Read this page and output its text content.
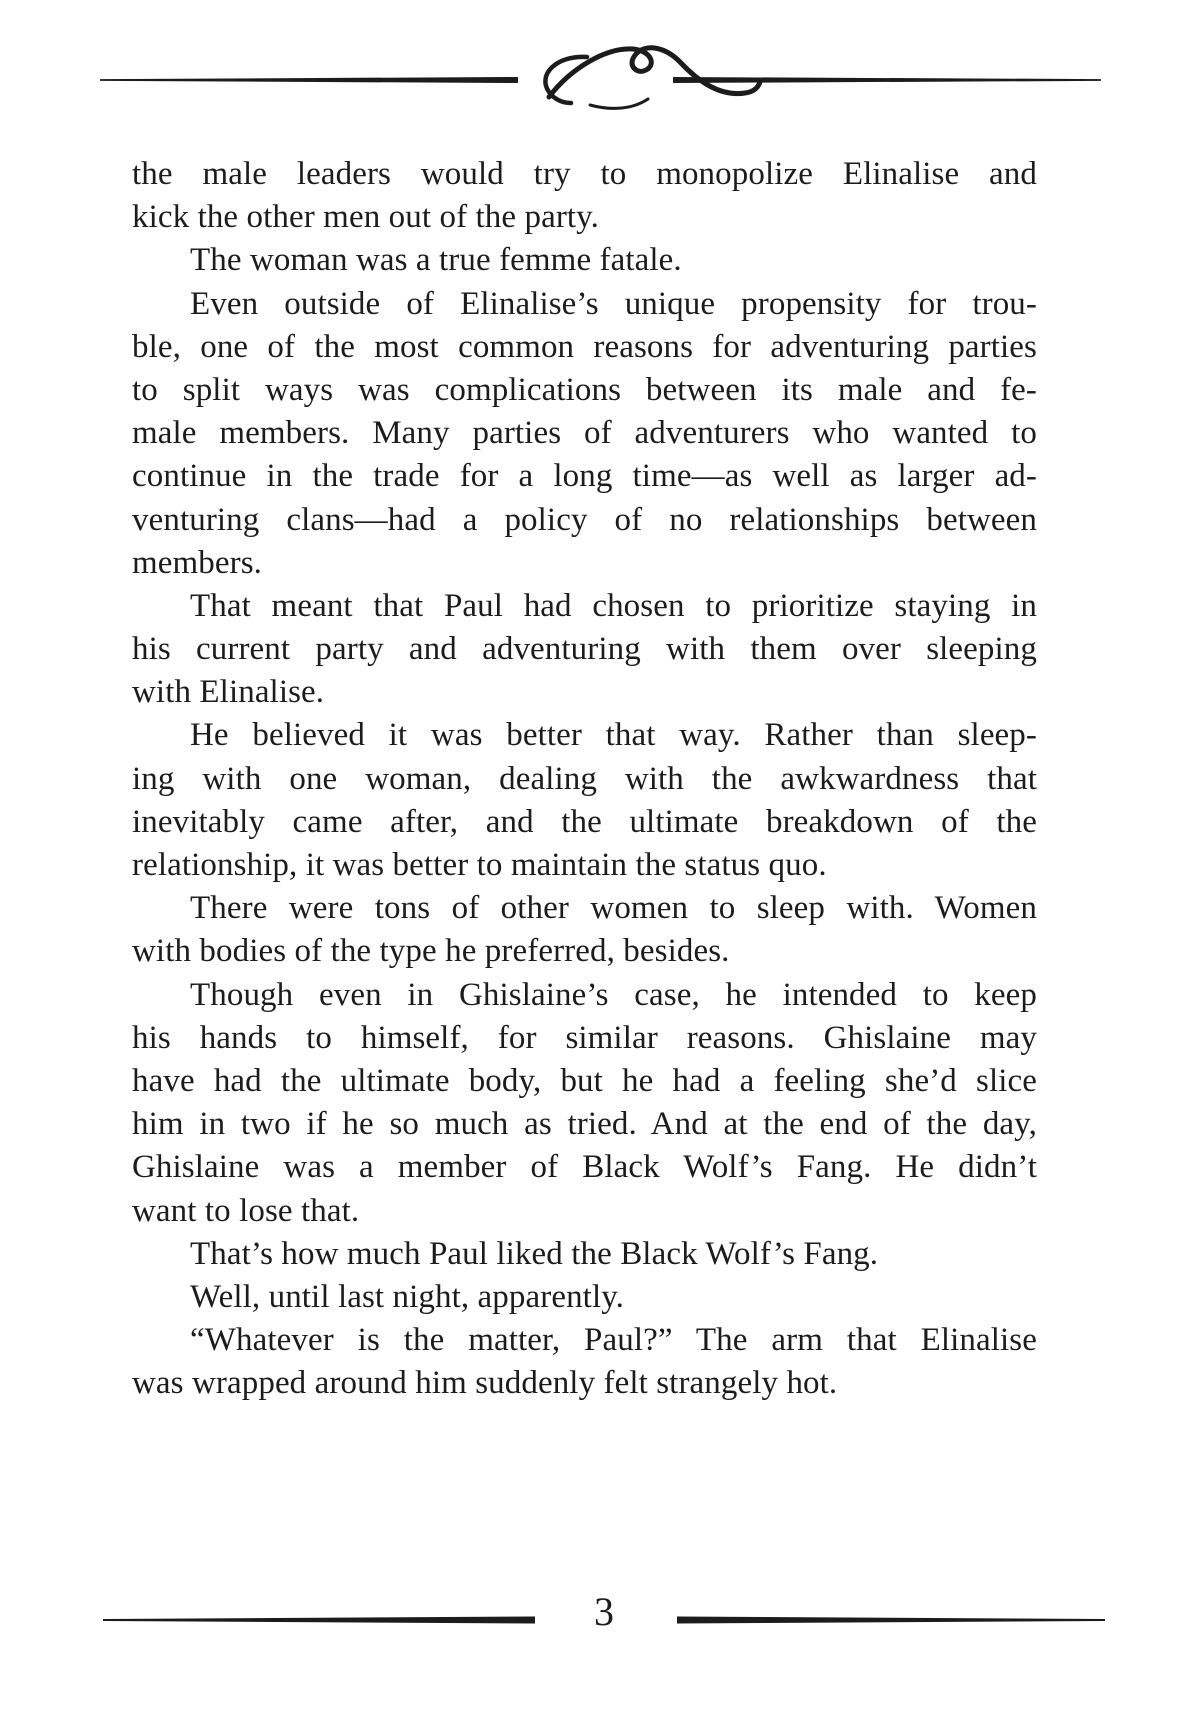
the male leaders would try to monopolize Elinalise and
kick the other men out of the party.
The woman was a true femme fatale.
Even outside of Elinalise’s unique propensity for trou-
ble, one of the most common reasons for adventuring parties
to split ways was complications between its male and fe-
male members. Many parties of adventurers who wanted to
continue in the trade for a long time—as well as larger ad-
venturing clans—had a policy of no relationships between
members.
That meant that Paul had chosen to prioritize staying in
his current party and adventuring with them over sleeping
with Elinalise.
He believed it was better that way. Rather than sleep-
ing with one woman, dealing with the awkwardness that
inevitably came after, and the ultimate breakdown of the
relationship, it was better to maintain the status quo.
There were tons of other women to sleep with. Women
with bodies of the type he preferred, besides.
Though even in Ghislaine’s case, he intended to keep
his hands to himself, for similar reasons. Ghislaine may
have had the ultimate body, but he had a feeling she’d slice
him in two if he so much as tried. And at the end of the day,
Ghislaine was a member of Black Wolf’s Fang. He didn’t
want to lose that.
That’s how much Paul liked the Black Wolf’s Fang.
Well, until last night, apparently.
“Whatever is the matter, Paul?” The arm that Elinalise
was wrapped around him suddenly felt strangely hot.
3
